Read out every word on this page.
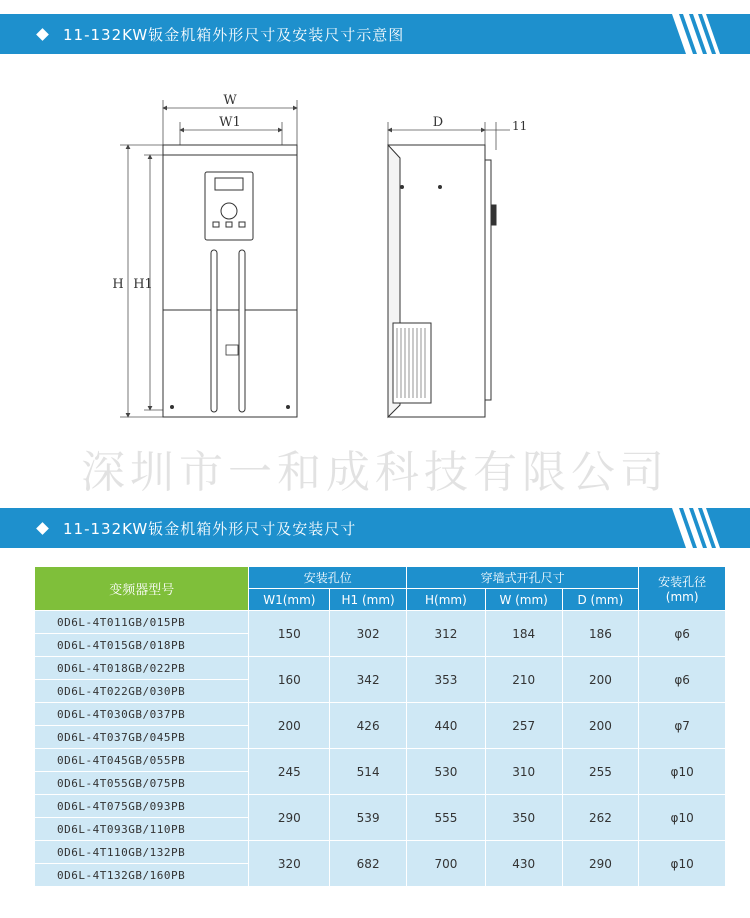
11-132KW钣金机箱外形尺寸及安装尺寸示意图
W
W1
H H1
D	11
深圳市一和成科技有限公司
11-132KW钣金机箱外形尺寸及安装尺寸
变频器型号	安装孔位		穿墙式开孔尺寸			安装孔径
(mm)

	W1(mm)	H1 (mm)	H(mm)	W (mm)	D (mm)	
0D6L-4T011GB/015PB	150	302	312	184	186	φ6
0D6L-4T015GB/018PB						
0D6L-4T018GB/022PB	160	342	353	210	200	φ6
0D6L-4T022GB/030PB						
0D6L-4T030GB/037PB	200	426	440	257	200	φ7
0D6L-4T037GB/045PB						
0D6L-4T045GB/055PB	245	514	530	310	255	φ10
0D6L-4T055GB/075PB						
0D6L-4T075GB/093PB	290	539	555	350	262	φ10
0D6L-4T093GB/110PB						
0D6L-4T110GB/132PB	320	682	700	430	290	φ10
0D6L-4T132GB/160PB						
